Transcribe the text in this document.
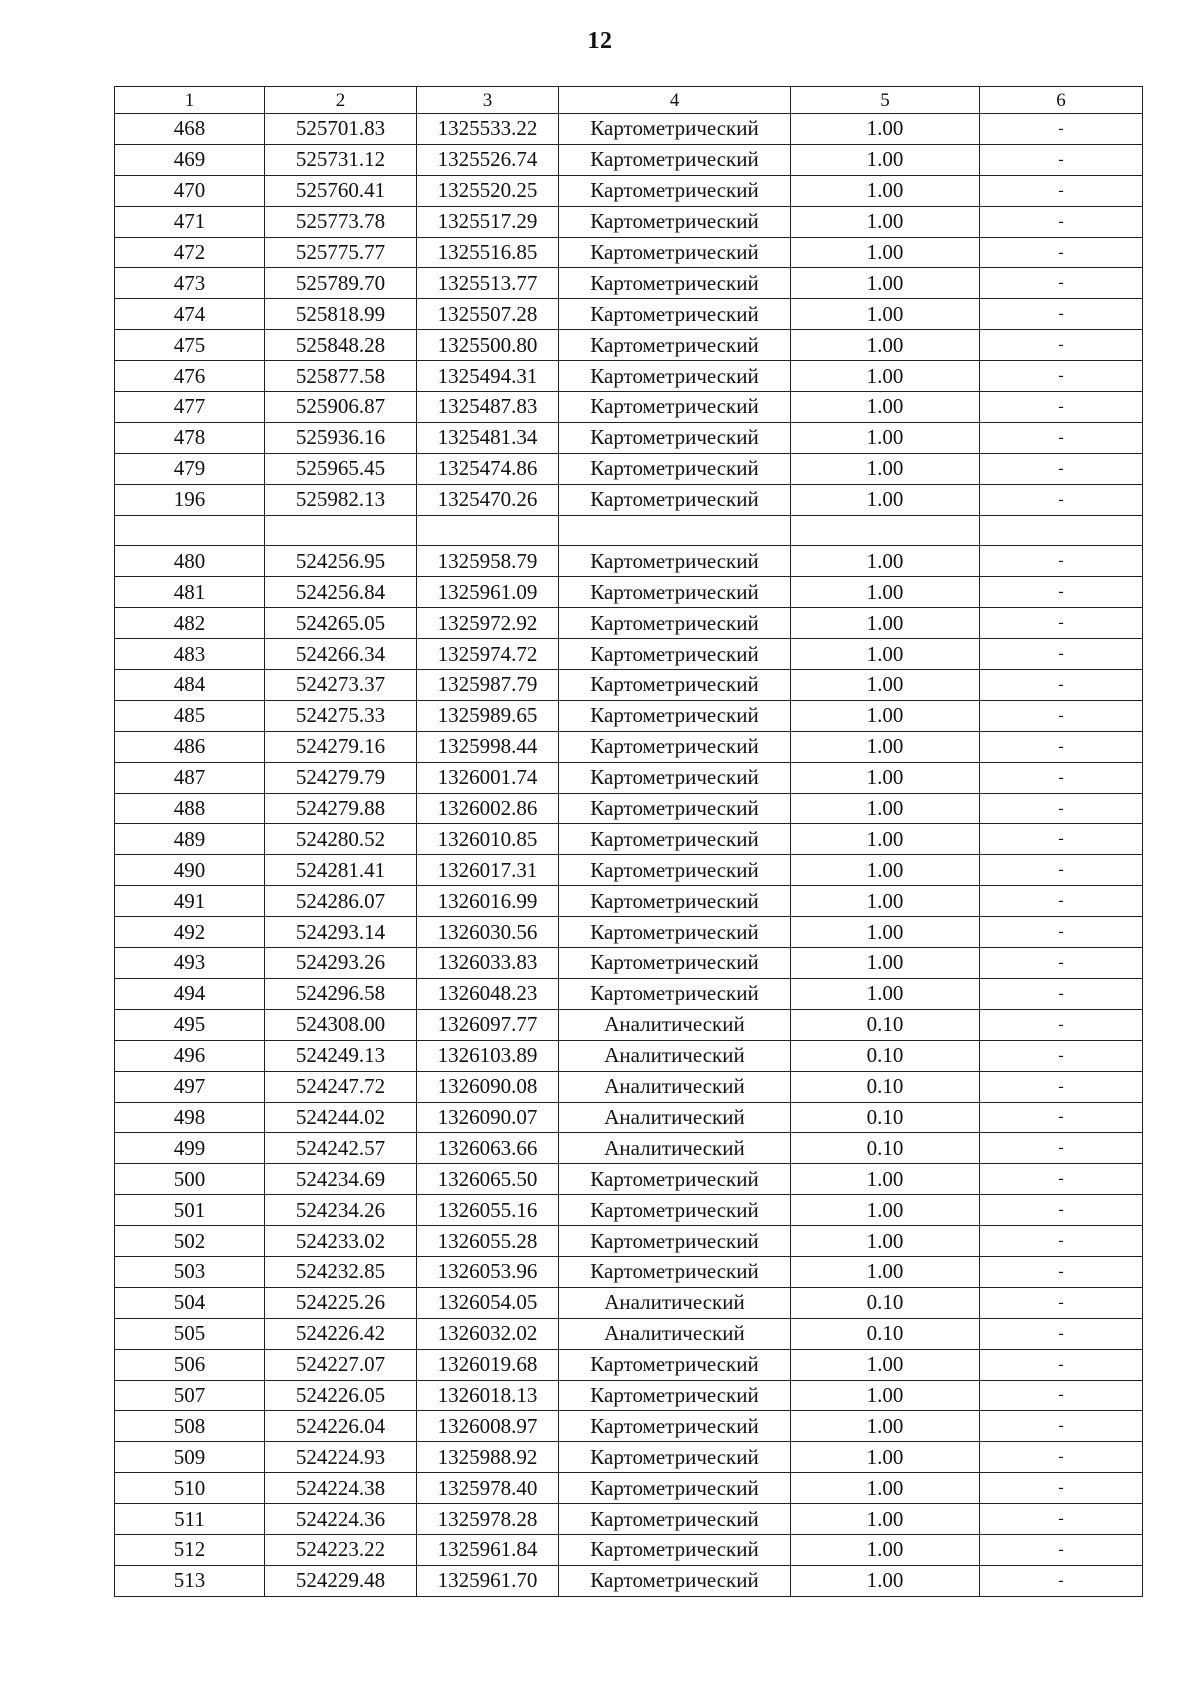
12
1	2	3	4	5	6
468	525701.83	1325533.22	Картометрический	1.00	-
469	525731.12	1325526.74	Картометрический	1.00	-
470	525760.41	1325520.25	Картометрический	1.00	-
471	525773.78	1325517.29	Картометрический	1.00	-
472	525775.77	1325516.85	Картометрический	1.00	-
473	525789.70	1325513.77	Картометрический	1.00	-
474	525818.99	1325507.28	Картометрический	1.00	-
475	525848.28	1325500.80	Картометрический	1.00	-
476	525877.58	1325494.31	Картометрический	1.00	-
477	525906.87	1325487.83	Картометрический	1.00	-
478	525936.16	1325481.34	Картометрический	1.00	-
479	525965.45	1325474.86	Картометрический	1.00	-
196	525982.13	1325470.26	Картометрический	1.00	-

480	524256.95	1325958.79	Картометрический	1.00	-
481	524256.84	1325961.09	Картометрический	1.00	-
482	524265.05	1325972.92	Картометрический	1.00	-
483	524266.34	1325974.72	Картометрический	1.00	-
484	524273.37	1325987.79	Картометрический	1.00	-
485	524275.33	1325989.65	Картометрический	1.00	-
486	524279.16	1325998.44	Картометрический	1.00	-
487	524279.79	1326001.74	Картометрический	1.00	-
488	524279.88	1326002.86	Картометрический	1.00	-
489	524280.52	1326010.85	Картометрический	1.00	-
490	524281.41	1326017.31	Картометрический	1.00	-
491	524286.07	1326016.99	Картометрический	1.00	-
492	524293.14	1326030.56	Картометрический	1.00	-
493	524293.26	1326033.83	Картометрический	1.00	-
494	524296.58	1326048.23	Картометрический	1.00	-
495	524308.00	1326097.77	Аналитический	0.10	-
496	524249.13	1326103.89	Аналитический	0.10	-
497	524247.72	1326090.08	Аналитический	0.10	-
498	524244.02	1326090.07	Аналитический	0.10	-
499	524242.57	1326063.66	Аналитический	0.10	-
500	524234.69	1326065.50	Картометрический	1.00	-
501	524234.26	1326055.16	Картометрический	1.00	-
502	524233.02	1326055.28	Картометрический	1.00	-
503	524232.85	1326053.96	Картометрический	1.00	-
504	524225.26	1326054.05	Аналитический	0.10	-
505	524226.42	1326032.02	Аналитический	0.10	-
506	524227.07	1326019.68	Картометрический	1.00	-
507	524226.05	1326018.13	Картометрический	1.00	-
508	524226.04	1326008.97	Картометрический	1.00	-
509	524224.93	1325988.92	Картометрический	1.00	-
510	524224.38	1325978.40	Картометрический	1.00	-
511	524224.36	1325978.28	Картометрический	1.00	-
512	524223.22	1325961.84	Картометрический	1.00	-
513	524229.48	1325961.70	Картометрический	1.00	-
